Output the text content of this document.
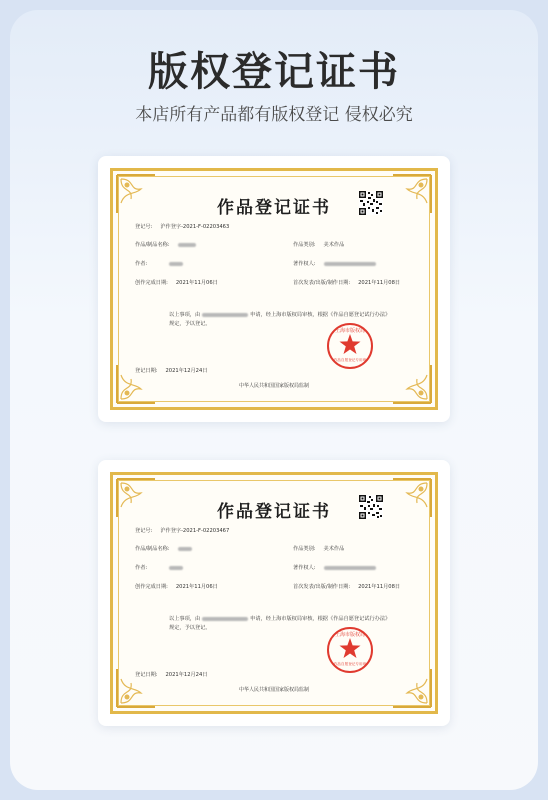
版权登记证书
本店所有产品都有版权登记 侵权必究
作品登记证书
登记号: 沪作登字-2021-F-02203463
作品/制品名称:	作品类别: 美术作品
作者:	著作权人:
创作完成日期: 2021年11月06日	首次发表/出版/制作日期: 2021年11月08日
以上事项，由	申请，经上海市版权局审核，根据《作品自愿登记试行办法》规定，予以登记。
登记日期: 2021年12月24日
上海市版权局
作品自愿登记专用章
中华人民共和国国家版权局监制
作品登记证书
登记号: 沪作登字-2021-F-02203467
作品/制品名称:	作品类别: 美术作品
作者:	著作权人:
创作完成日期: 2021年11月06日	首次发表/出版/制作日期: 2021年11月08日
以上事项，由	申请，经上海市版权局审核，根据《作品自愿登记试行办法》规定，予以登记。
登记日期: 2021年12月24日
上海市版权局
作品自愿登记专用章
中华人民共和国国家版权局监制
